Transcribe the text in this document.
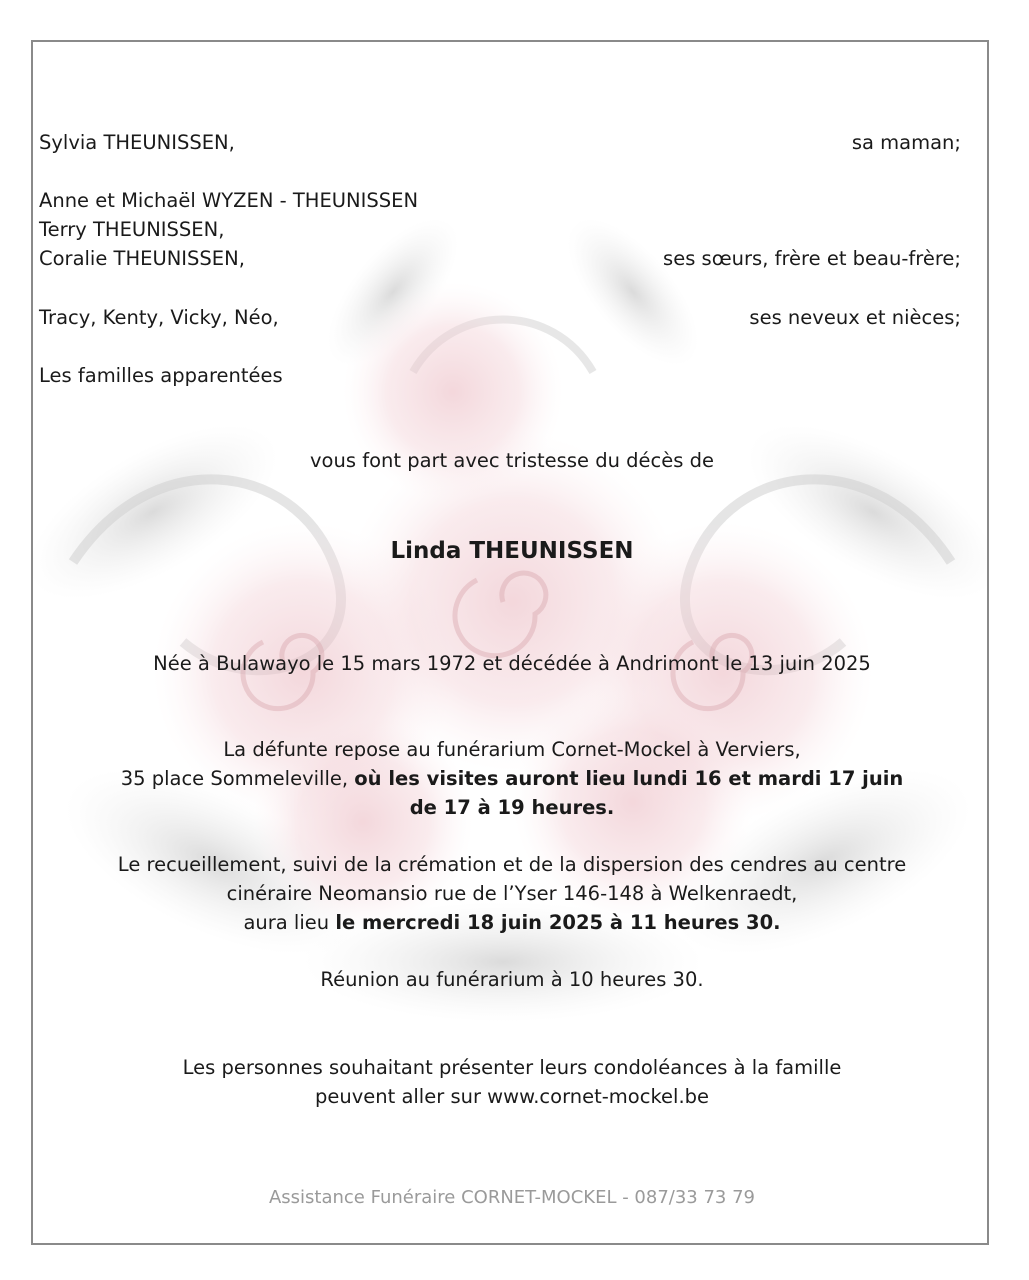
Sylvia THEUNISSEN,	sa maman;
Anne et Michaël WYZEN - THEUNISSEN
Terry THEUNISSEN,
Coralie THEUNISSEN,	ses sœurs, frère et beau-frère;
Tracy, Kenty, Vicky, Néo,	ses neveux et nièces;
Les familles apparentées
vous font part avec tristesse du décès de
Linda THEUNISSEN
Née à Bulawayo le 15 mars 1972 et décédée à Andrimont le 13 juin 2025
La défunte repose au funérarium Cornet-Mockel à Verviers,
35 place Sommeleville, où les visites auront lieu lundi 16 et mardi 17 juin
de 17 à 19 heures.
Le recueillement, suivi de la crémation et de la dispersion des cendres au centre
cinéraire Neomansio rue de l’Yser 146-148 à Welkenraedt,
aura lieu le mercredi 18 juin 2025 à 11 heures 30.
Réunion au funérarium à 10 heures 30.
Les personnes souhaitant présenter leurs condoléances à la famille
peuvent aller sur www.cornet-mockel.be
Assistance Funéraire CORNET-MOCKEL - 087/33 73 79
